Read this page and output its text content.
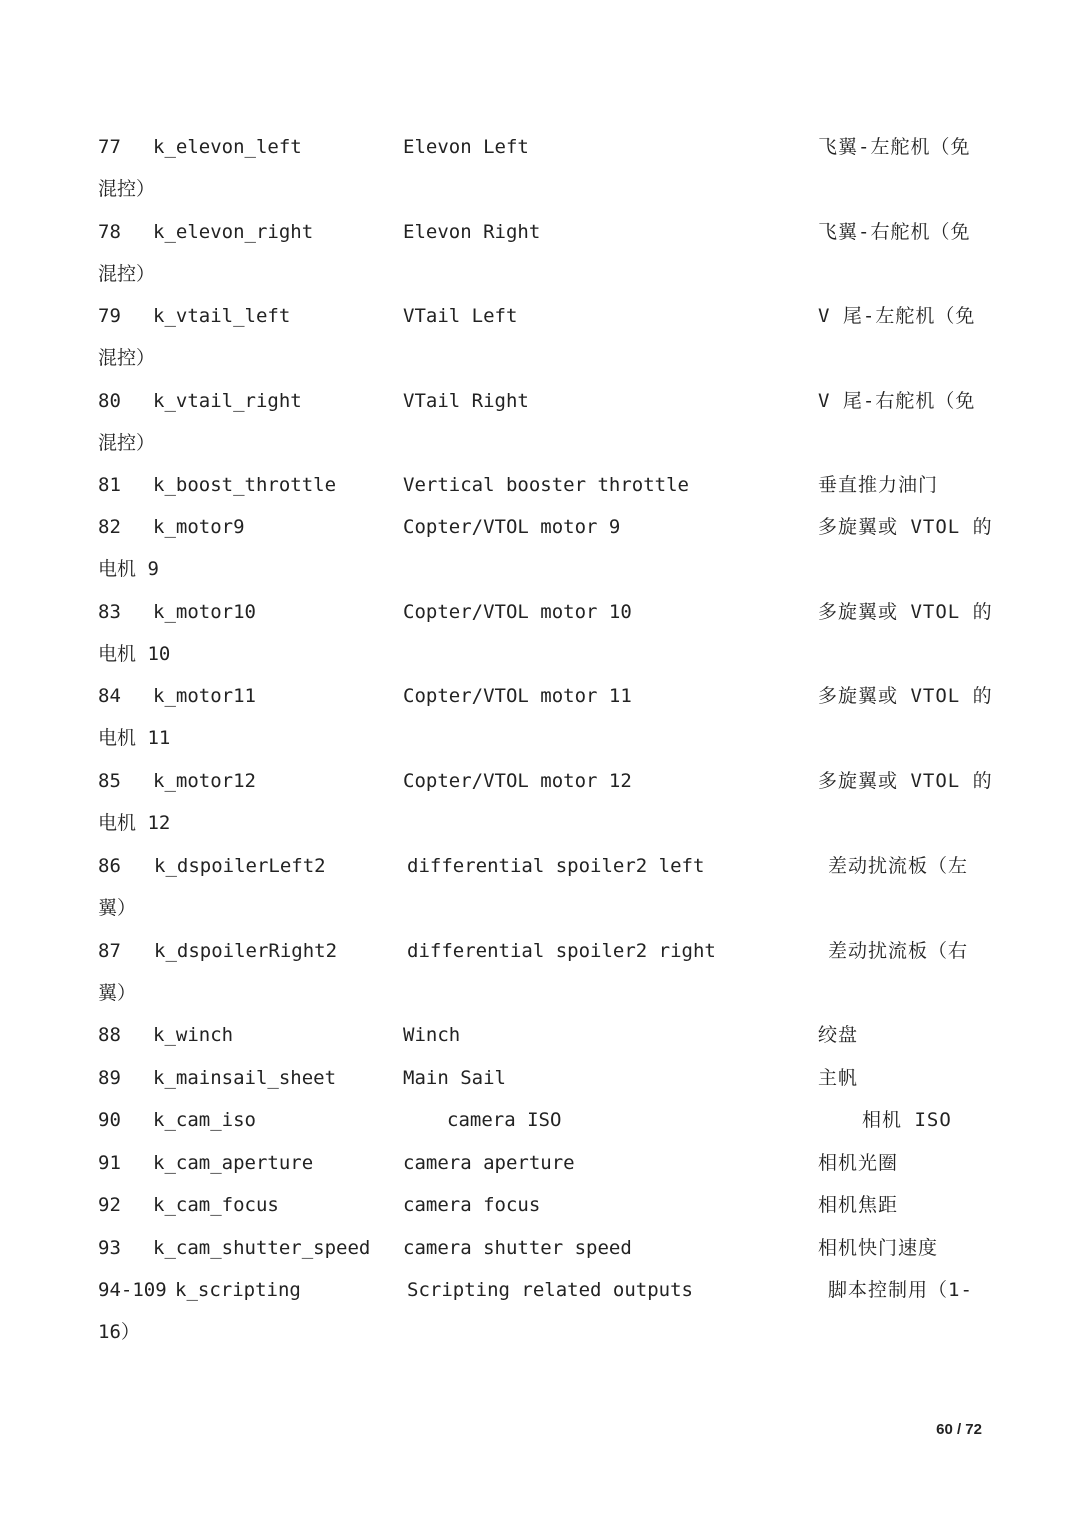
77 k_elevon_left	Elevon Left	飞翼-左舵机（免
混控）
78 k_elevon_right	Elevon Right	飞翼-右舵机（免
混控）
79 k_vtail_left	VTail Left	V 尾-左舵机（免
混控）
80 k_vtail_right	VTail Right	V 尾-右舵机（免
混控）
81 k_boost_throttle	Vertical booster throttle	垂直推力油门
82 k_motor9	Copter/VTOL motor 9	多旋翼或 VTOL 的
电机 9
83 k_motor10	Copter/VTOL motor 10	多旋翼或 VTOL 的
电机 10
84 k_motor11	Copter/VTOL motor 11	多旋翼或 VTOL 的
电机 11
85 k_motor12	Copter/VTOL motor 12	多旋翼或 VTOL 的
电机 12
86 k_dspoilerLeft2	differential spoiler2 left	差动扰流板（左
翼）
87 k_dspoilerRight2	differential spoiler2 right	差动扰流板（右
翼）
88 k_winch	Winch	绞盘
89 k_mainsail_sheet	Main Sail	主帆
90 k_cam_iso	camera ISO	相机 ISO
91 k_cam_aperture	camera aperture	相机光圈
92 k_cam_focus	camera focus	相机焦距
93 k_cam_shutter_speed camera shutter speed	相机快门速度
94-109 k_scripting	Scripting related outputs	脚本控制用（1-
16）
60 / 72
